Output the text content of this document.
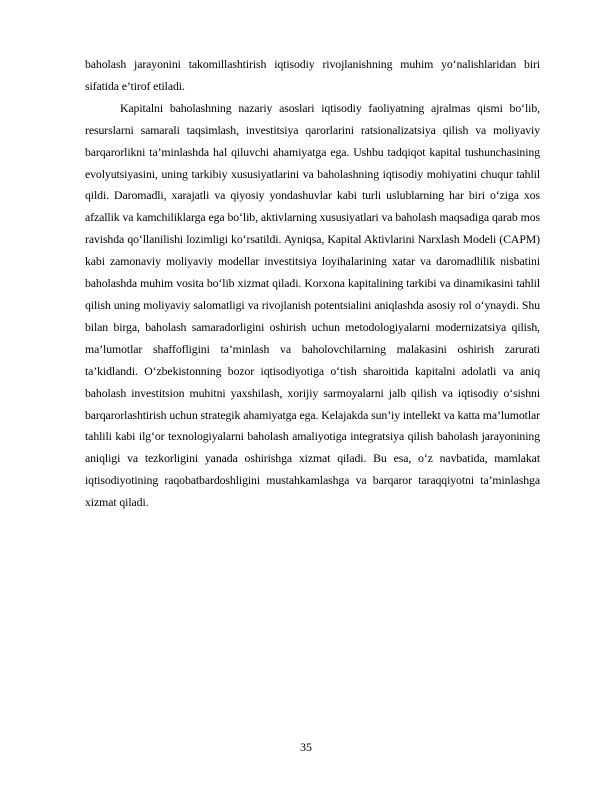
baholash jarayonini takomillashtirish iqtisodiy rivojlanishning muhim yo‘nalishlaridan biri sifatida e’tirof etiladi.

Kapitalni baholashning nazariy asoslari iqtisodiy faoliyatning ajralmas qismi bo‘lib, resurslarni samarali taqsimlash, investitsiya qarorlarini ratsionalizatsiya qilish va moliyaviy barqarorlikni ta’minlashda hal qiluvchi ahamiyatga ega. Ushbu tadqiqot kapital tushunchasining evolyutsiyasini, uning tarkibiy xususiyatlarini va baholashning iqtisodiy mohiyatini chuqur tahlil qildi. Daromadli, xarajatli va qiyosiy yondashuvlar kabi turli uslublarning har biri o‘ziga xos afzallik va kamchiliklarga ega bo‘lib, aktivlarning xususiyatlari va baholash maqsadiga qarab mos ravishda qo‘llanilishi lozimligi ko‘rsatildi. Ayniqsa, Kapital Aktivlarini Narxlash Modeli (CAPM) kabi zamonaviy moliyaviy modellar investitsiya loyihalarining xatar va daromadlilik nisbatini baholashda muhim vosita bo‘lib xizmat qiladi. Korxona kapitalining tarkibi va dinamikasini tahlil qilish uning moliyaviy salomatligi va rivojlanish potentsialini aniqlashda asosiy rol o‘ynaydi. Shu bilan birga, baholash samaradorligini oshirish uchun metodologiyalarni modernizatsiya qilish, ma’lumotlar shaffofligini ta’minlash va baholovchilarning malakasini oshirish zarurati ta’kidlandi. O‘zbekistonning bozor iqtisodiyotiga o‘tish sharoitida kapitalni adolatli va aniq baholash investitsion muhitni yaxshilash, xorijiy sarmoyalarni jalb qilish va iqtisodiy o‘sishni barqarorlashtirish uchun strategik ahamiyatga ega. Kelajakda sun’iy intellekt va katta ma’lumotlar tahlili kabi ilg‘or texnologiyalarni baholash amaliyotiga integratsiya qilish baholash jarayonining aniqligi va tezkorligini yanada oshirishga xizmat qiladi. Bu esa, o‘z navbatida, mamlakat iqtisodiyotining raqobatbardoshligini mustahkamlashga va barqaror taraqqiyotni ta’minlashga xizmat qiladi.

35
